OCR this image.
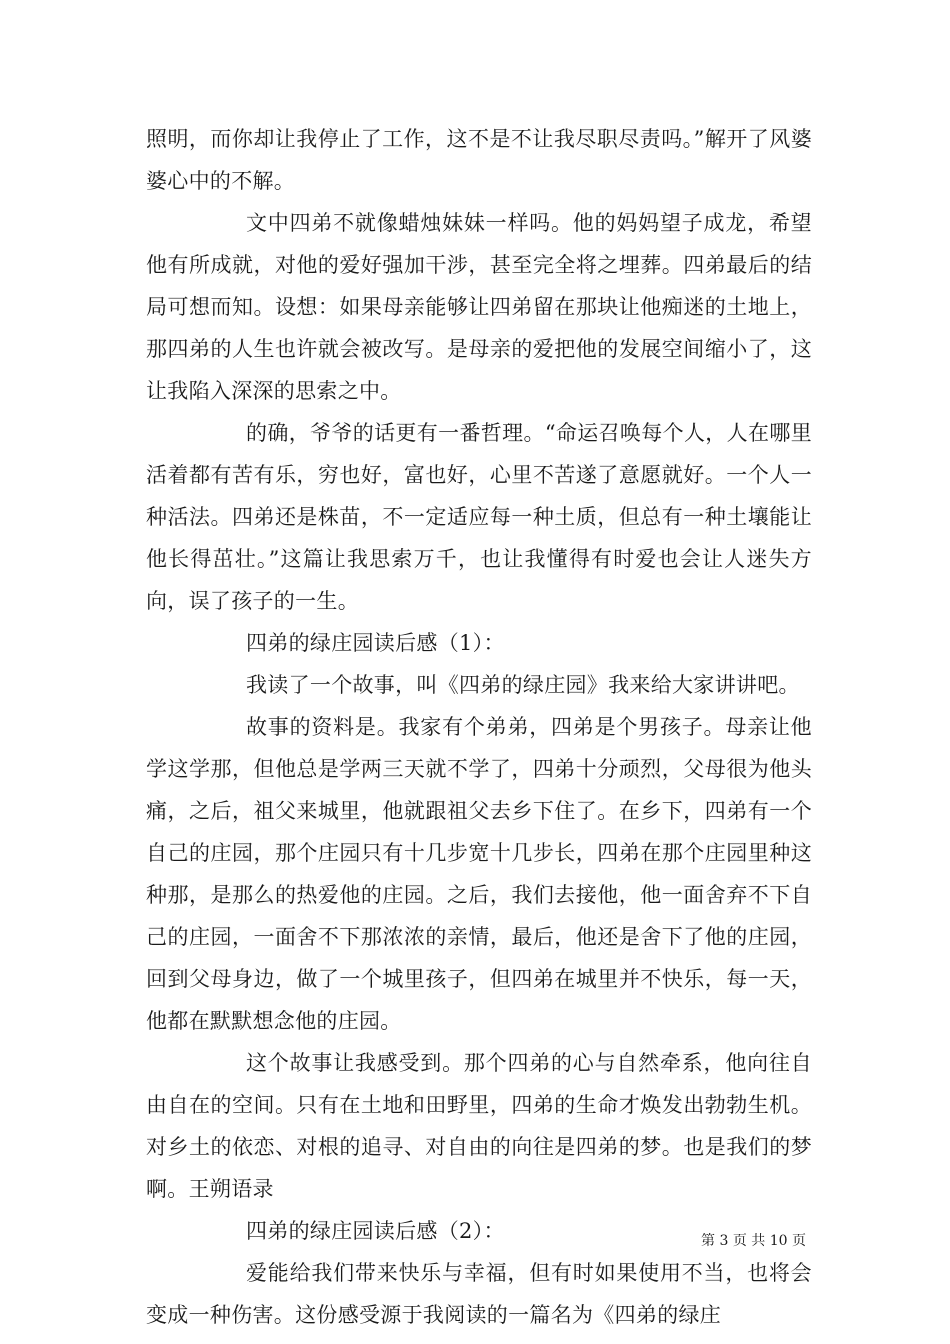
照明，而你却让我停止了工作，这不是不让我尽职尽责吗。”解开了风婆婆心中的不解。

文中四弟不就像蜡烛妹妹一样吗。他的妈妈望子成龙，希望他有所成就，对他的爱好强加干涉，甚至完全将之埋葬。四弟最后的结局可想而知。设想：如果母亲能够让四弟留在那块让他痴迷的土地上，那四弟的人生也许就会被改写。是母亲的爱把他的发展空间缩小了，这让我陷入深深的思索之中。

的确，爷爷的话更有一番哲理。“命运召唤每个人，人在哪里活着都有苦有乐，穷也好，富也好，心里不苦遂了意愿就好。一个人一种活法。四弟还是株苗，不一定适应每一种土质，但总有一种土壤能让他长得茁壮。”这篇让我思索万千，也让我懂得有时爱也会让人迷失方向，误了孩子的一生。

四弟的绿庄园读后感（1）：

我读了一个故事，叫《四弟的绿庄园》我来给大家讲讲吧。

故事的资料是。我家有个弟弟，四弟是个男孩子。母亲让他学这学那，但他总是学两三天就不学了，四弟十分顽烈，父母很为他头痛，之后，祖父来城里，他就跟祖父去乡下住了。在乡下，四弟有一个自己的庄园，那个庄园只有十几步宽十几步长，四弟在那个庄园里种这种那，是那么的热爱他的庄园。之后，我们去接他，他一面舍弃不下自己的庄园，一面舍不下那浓浓的亲情，最后，他还是舍下了他的庄园，回到父母身边，做了一个城里孩子，但四弟在城里并不快乐，每一天，他都在默默想念他的庄园。

这个故事让我感受到。那个四弟的心与自然牵系，他向往自由自在的空间。只有在土地和田野里，四弟的生命才焕发出勃勃生机。对乡土的依恋、对根的追寻、对自由的向往是四弟的梦。也是我们的梦啊。王朔语录

四弟的绿庄园读后感（2）：

爱能给我们带来快乐与幸福，但有时如果使用不当，也将会变成一种伤害。这份感受源于我阅读的一篇名为《四弟的绿庄

第 3 页 共 10 页
